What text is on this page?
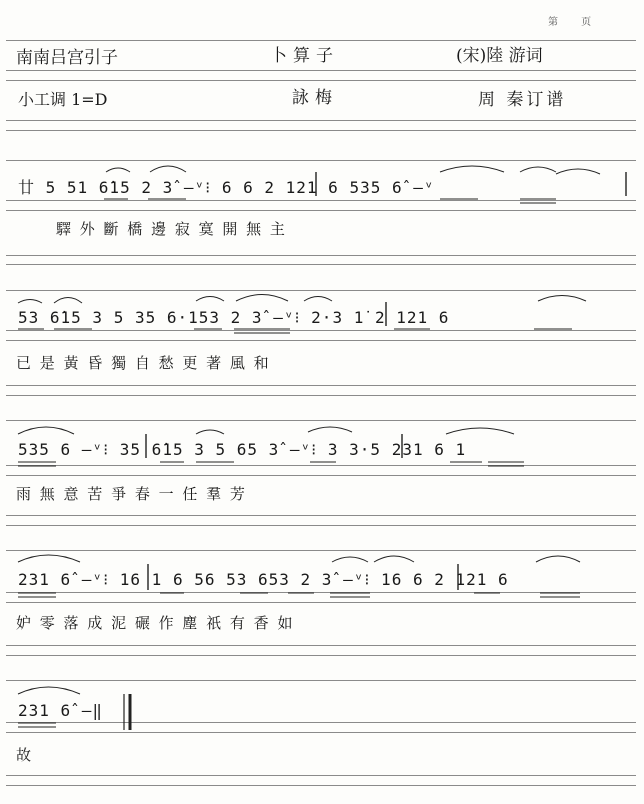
第 页
南南吕宫引子	卜算子	(宋)陸 游词
小工调 1=D	詠梅	周 秦订谱
廿 5 51 6̇15 2 3̂ —ᵛ⁝ 6 6 2 121 6 535 6̂ —ᵛ
驛 外 斷 橋 邊 寂 寞 開 無 主
53 6̇15 3 5 35 6·153 2 3̂ —ᵛ⁝ 2·3 1̇ 2 121 6
已 是 黃 昏 獨 自 愁 更 著 風 和
535 6 —ᵛ⁝ 35 6̇15 3 5 65 3̂ —ᵛ⁝ 3 3·5 231 6 1
雨 無 意 苦 爭 春 一 任 羣 芳
231 6̂ —ᵛ⁝ 16 1 6 56 53 653 2 3̂ —ᵛ⁝ 16 6 2 121 6
妒 零 落 成 泥 碾 作 塵 祇 有 香 如
231 6̂ —‖
故
